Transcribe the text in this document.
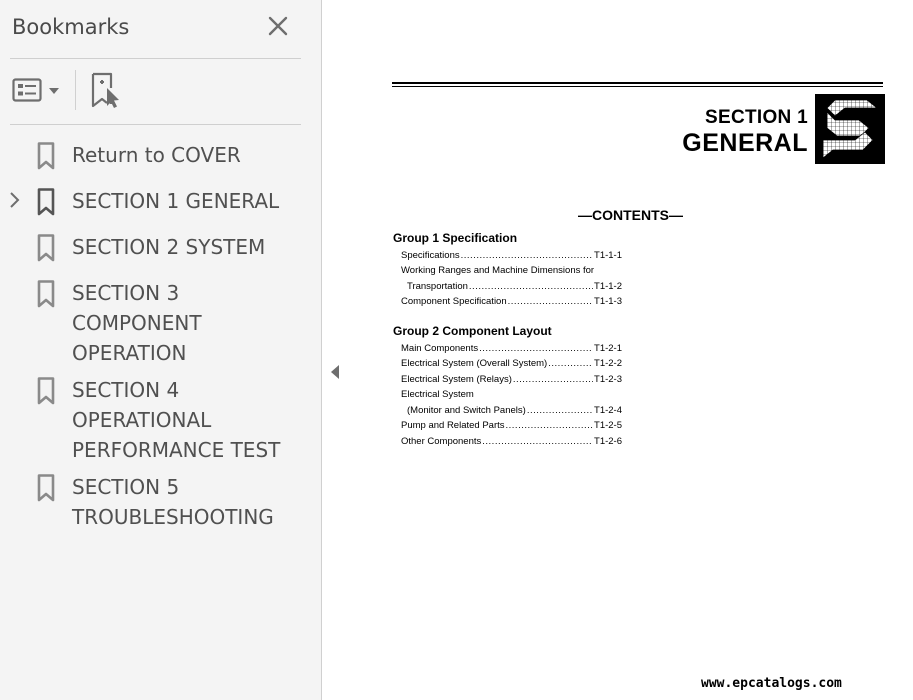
Bookmarks
Return to COVER
SECTION 1 GENERAL
SECTION 2 SYSTEM
SECTION 3
COMPONENT
OPERATION
SECTION 4
OPERATIONAL
PERFORMANCE TEST
SECTION 5
TROUBLESHOOTING
SECTION 1
GENERAL
—CONTENTS—
Group 1 Specification
Specifications .....	T1-1-1
Working Ranges and Machine Dimensions for
Transportation .....	T1-1-2
Component Specification .....	T1-1-3
Group 2 Component Layout
Main Components .....	T1-2-1
Electrical System (Overall System) .....	T1-2-2
Electrical System (Relays) .....	T1-2-3
Electrical System
(Monitor and Switch Panels) .....	T1-2-4
Pump and Related Parts .....	T1-2-5
Other Components .....	T1-2-6
www.epcatalogs.com
